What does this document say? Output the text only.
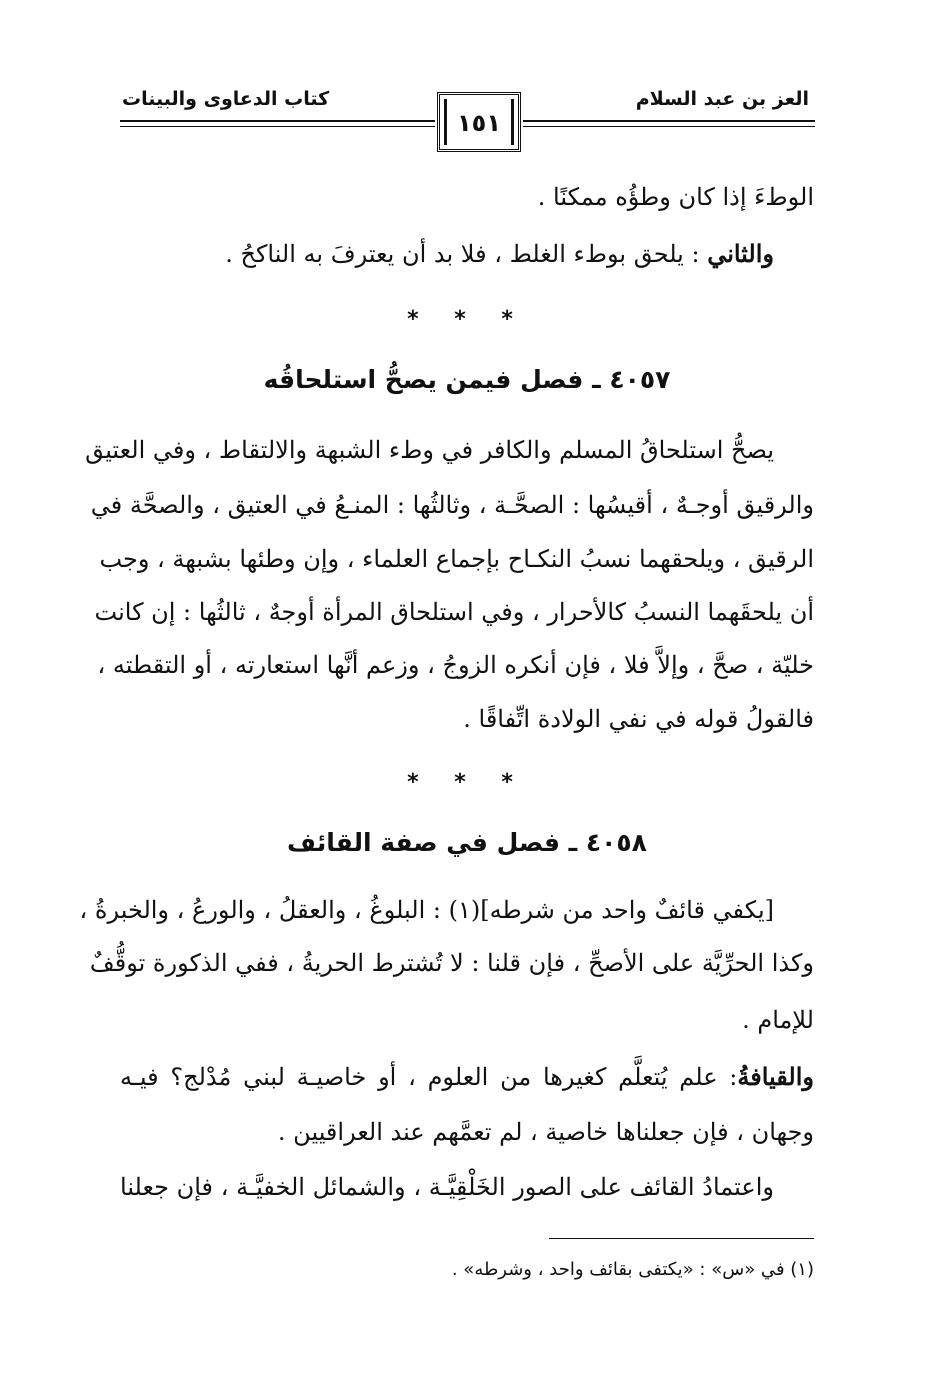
العز بن عبد السلام
كتاب الدعاوى والبينات
١٥١
الوطءَ إذا كان وطؤُه ممكنًا .
والثاني : يلحق بوطء الغلط ، فلا بد أن يعترفَ به الناكحُ .
* * *
٤٠٥٧ ـ فصل فيمن يصحُّ استلحاقُه
يصحُّ استلحاقُ المسلم والكافر في وطء الشبهة والالتقاط ، وفي العتيق
والرقيق أوجـهٌ ، أقيسُها : الصحَّـة ، وثالثُها : المنـعُ في العتيق ، والصحَّة في
الرقيق ، ويلحقهما نسبُ النكـاح بإجماع العلماء ، وإن وطئها بشبهة ، وجب
أن يلحقَهما النسبُ كالأحرار ، وفي استلحاق المرأة أوجهٌ ، ثالثُها : إن كانت
خليّة ، صحَّ ، وإلاَّ فلا ، فإن أنكره الزوجُ ، وزعم أنَّها استعارته ، أو التقطته ،
فالقولُ قوله في نفي الولادة اتِّفاقًا .
* * *
٤٠٥٨ ـ فصل في صفة القائف
[يكفي قائفٌ واحد من شرطه](١) : البلوغُ ، والعقلُ ، والورعُ ، والخبرةُ ،
وكذا الحرِّيَّة على الأصحِّ ، فإن قلنا : لا تُشترط الحريةُ ، ففي الذكورة توقُّفٌ
للإمام .
والقيافةُ: علم يُتعلَّم كغيرها من العلوم ، أو خاصيـة لبني مُدْلج؟ فيـه
وجهان ، فإن جعلناها خاصية ، لم تعمَّهم عند العراقيين .
واعتمادُ القائف على الصور الخَلْقِيَّـة ، والشمائل الخفيَّـة ، فإن جعلنا
(١) في «س» : «يكتفى بقائف واحد ، وشرطه» .
